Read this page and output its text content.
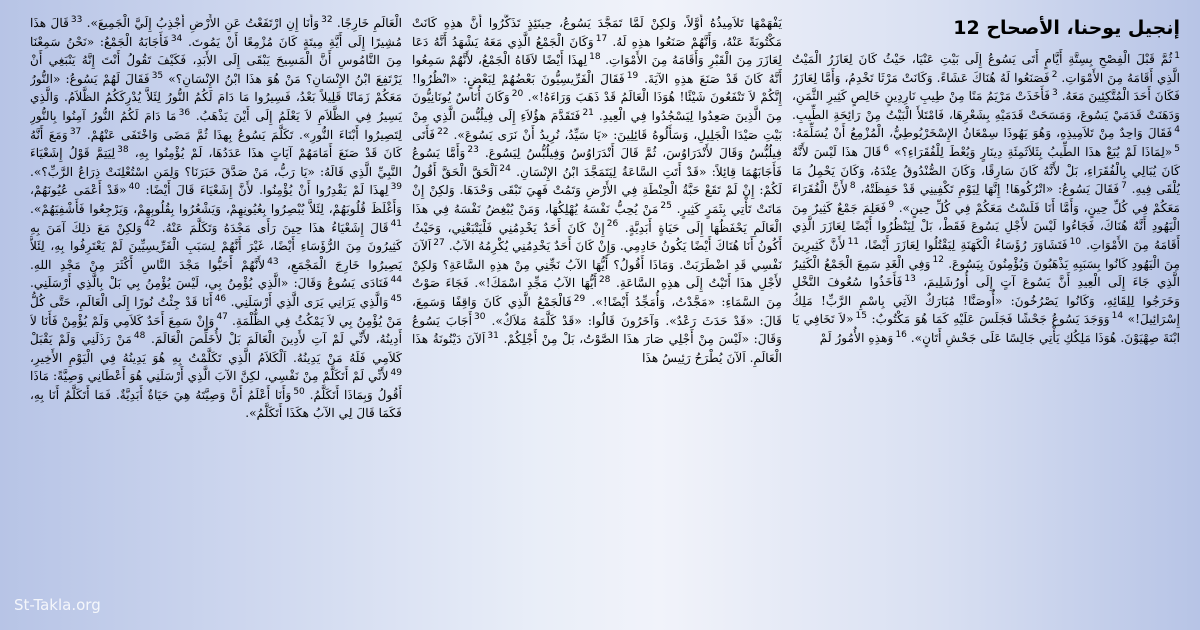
إنجيل يوحنا، الأصحاح 12
$^1$ثُمَّ قَبْلَ الْفِصْحِ بِسِتَّةِ أَيَّامٍ أَتَى يَسُوعُ إِلَى بَيْتِ عَنْيَا، حَيْثُ كَانَ لِعَازَرُ الْمَيْتُ الَّذِي أَقَامَهُ مِنَ الأَمْوَاتِ. $^2$فَصَنَعُوا لَهُ هُنَاكَ عَشَاءً. وَكَانَتْ مَرْثَا تَخْدِمُ، وَأَمَّا لِعَازَرُ فَكَانَ أَحَدَ الْمُتَّكِئِينَ مَعَهُ. $^3$فَأَخَذَتْ مَرْيَمُ مَنًا مِنْ طِيبِ نَارِدِينٍ خَالِصٍ كَثِيرِ الثَّمَنِ، وَدَهَنَتْ قَدَمَيْ يَسُوعَ، وَمَسَحَتْ قَدَمَيْهِ بِشَعْرِهَا، فَامْتَلأَ الْبَيْتُ مِنْ رَائِحَةِ الطِّيبِ. $^4$فَقَالَ وَاحِدٌ مِنْ تَلاَمِيذِهِ، وَهُوَ يَهُوذَا سِمْعَانُ الإِسْخَرْيُوطِيُّ، الْمُزْمِعُ أَنْ يُسَلِّمَهُ: $^5$«لِمَاذَا لَمْ يُبَعْ هذَا الطِّيبُ بِثَلاَثَمِئَةِ دِينَارٍ وَيُعْطَ لِلْفُقَرَاءِ؟» $^6$قَالَ هذَا لَيْسَ لأَنَّهُ كَانَ يُبَالِي بِالْفُقَرَاءِ، بَلْ لأَنَّهُ كَانَ سَارِقًا، وَكَانَ الصُّنْدُوقُ عِنْدَهُ، وَكَانَ يَحْمِلُ مَا يُلْقَى فِيهِ. $^7$فَقَالَ يَسُوعُ: «اتْرُكُوهَا! إِنَّهَا لِيَوْمِ تَكْفِينِي قَدْ حَفِظَتْهُ، $^8$لأَنَّ الْفُقَرَاءَ مَعَكُمْ فِي كُلِّ حِينٍ، وَأَمَّا أَنَا فَلَسْتُ مَعَكُمْ فِي كُلِّ حِينٍ». $^9$فَعَلِمَ جَمْعٌ كَثِيرٌ مِنَ الْيَهُودِ أَنَّهُ هُنَاكَ، فَجَاءُوا لَيْسَ لأَجْلِ يَسُوعَ فَقَطْ، بَلْ لِيَنْظُرُوا أَيْضًا لِعَازَرَ الَّذِي أَقَامَهُ مِنَ الأَمْوَاتِ. $^{10}$فَتَشَاوَرَ رُؤَسَاءُ الْكَهَنَةِ لِيَقْتُلُوا لِعَازَرَ أَيْضًا، $^{11}$لأَنَّ كَثِيرِينَ مِنَ الْيَهُودِ كَانُوا بِسَبَبِهِ يَذْهَبُونَ وَيُؤْمِنُونَ بِيَسُوعَ. $^{12}$وَفِي الْغَدِ سَمِعَ الْجَمْعُ الْكَثِيرُ الَّذِي جَاءَ إِلَى الْعِيدِ أَنَّ يَسُوعَ آتٍ إِلَى أُورُشَلِيمَ، $^{13}$فَأَخَذُوا سُعُوفَ النَّخْلِ وَخَرَجُوا لِلِقَائِهِ، وَكَانُوا يَصْرُخُونَ: «أُوصَنَّا! مُبَارَكٌ الآتِي بِاسْمِ الرَّبِّ! مَلِكُ إِسْرَائِيلَ!» $^{14}$وَوَجَدَ يَسُوعُ جَحْشًا فَجَلَسَ عَلَيْهِ كَمَا هُوَ مَكْتُوبٌ: $^{15}$«لاَ تَخَافِي يَا ابْنَةَ صِهْيَوْنَ. هُوَذَا مَلِكُكِ يَأْتِي جَالِسًا عَلَى جَحْشِ أَتَانٍ». $^{16}$وَهذِهِ الأُمُورُ لَمْ
يَفْهَمْهَا تَلاَمِيذُهُ أَوَّلاً، وَلكِنْ لَمَّا تَمَجَّدَ يَسُوعُ، حِينَئِذٍ تَذَكَّرُوا أَنَّ هذِهِ كَانَتْ مَكْتُوبَةً عَنْهُ، وَأَنَّهُمْ صَنَعُوا هذِهِ لَهُ. $^{17}$وَكَانَ الْجَمْعُ الَّذِي مَعَهُ يَشْهَدُ أَنَّهُ دَعَا لِعَازَرَ مِنَ الْقَبْرِ وَأَقَامَهُ مِنَ الأَمْوَاتِ. $^{18}$لِهذَا أَيْضًا لاَقَاهُ الْجَمْعُ، لأَنَّهُمْ سَمِعُوا أَنَّهُ كَانَ قَدْ صَنَعَ هذِهِ الآيَةَ. $^{19}$فَقَالَ الْفَرِّيسِيُّونَ بَعْضُهُمْ لِبَعْضٍ: «انْظُرُوا! إِنَّكُمْ لاَ تَنْفَعُونَ شَيْئًا! هُوَذَا الْعَالَمُ قَدْ ذَهَبَ وَرَاءَهُ!». $^{20}$وَكَانَ أُنَاسٌ يُونَانِيُّونَ مِنَ الَّذِينَ صَعِدُوا لِيَسْجُدُوا فِي الْعِيدِ. $^{21}$فَتَقَدَّمَ هؤُلاَءِ إِلَى فِيلُبُّسَ الَّذِي مِنْ بَيْتِ صَيْدَا الْجَلِيلِ، وَسَأَلُوهُ قَائِلِينَ: «يَا سَيِّدُ، نُرِيدُ أَنْ نَرَى يَسُوعَ». $^{22}$فَأَتَى فِيلُبُّسُ وَقَالَ لأَنْدَرَاوُسَ، ثُمَّ قَالَ أَنْدَرَاوُسُ وَفِيلُبُّسُ لِيَسُوعَ. $^{23}$وَأَمَّا يَسُوعُ فَأَجَابَهُمَا قِائِلاً: «قَدْ أَتَتِ السَّاعَةُ لِيَتَمَجَّدَ ابْنُ الإِنْسَانِ. $^{24}$اَلْحَقَّ الْحَقَّ أَقُولُ لَكُمْ: إِنْ لَمْ تَقَعْ حَبَّةُ الْحِنْطَةِ فِي الأَرْضِ وَتَمُتْ فَهِيَ تَبْقَى وَحْدَهَا. وَلكِنْ إِنْ مَاتَتْ تَأْتِي بِثَمَرٍ كَثِيرٍ. $^{25}$مَنْ يُحِبُّ نَفْسَهُ يُهْلِكُهَا، وَمَنْ يُبْغِضُ نَفْسَهُ فِي هذَا الْعَالَمِ يَحْفَظُهَا إِلَى حَيَاةٍ أَبَدِيَّةٍ. $^{26}$إِنْ كَانَ أَحَدٌ يَخْدِمُنِي فَلْيَتْبَعْنِي، وَحَيْثُ أَكُونُ أَنَا هُنَاكَ أَيْضًا يَكُونُ خَادِمِي. وَإِنْ كَانَ أَحَدٌ يَخْدِمُنِي يُكْرِمُهُ الآبُ. $^{27}$اَلآنَ نَفْسِي قَدِ اضْطَرَبَتْ. وَمَاذَا أَقُولُ؟ أَيُّهَا الآبُ نَجِّنِي مِنْ هذِهِ السَّاعَةِ؟ وَلكِنْ لأَجْلِ هذَا أَتَيْتُ إِلَى هذِهِ السَّاعَةِ. $^{28}$أَيُّهَا الآبُ مَجِّدِ اسْمَكَ!». فَجَاءَ صَوْتٌ مِنَ السَّمَاءِ: «مَجَّدْتُ، وَأُمَجِّدُ أَيْضًا!». $^{29}$فَالْجَمْعُ الَّذِي كَانَ وَاقِفًا وَسَمِعَ، قَالَ: «قَدْ حَدَثَ رَعْدٌ». وَآخَرُونَ قَالُوا: «قَدْ كَلَّمَهُ مَلاَكٌ». $^{30}$أَجَابَ يَسُوعُ وَقَالَ: «لَيْسَ مِنْ أَجْلِي صَارَ هذَا الصَّوْتُ، بَلْ مِنْ أَجْلِكُمْ. $^{31}$اَلآنَ دَيْنُونَةُ هذَا الْعَالَمِ. اَلآنَ يُطْرَحُ رَئِيسُ هذَا
الْعَالَمِ خَارِجًا. $^{32}$وَأَنَا إِنِ ارْتَفَعْتُ عَنِ الأَرْضِ أَجْذِبُ إِلَيَّ الْجَمِيعَ». $^{33}$قَالَ هذَا مُشِيرًا إِلَى أَيَّةِ مِيتَةٍ كَانَ مُزْمِعًا أَنْ يَمُوتَ. $^{34}$فَأَجَابَهُ الْجَمْعُ: «نَحْنُ سَمِعْنَا مِنَ النَّامُوسِ أَنَّ الْمَسِيحَ يَبْقَى إِلَى الأَبَدِ، فَكَيْفَ تَقُولُ أَنْتَ إِنَّهُ يَنْبَغِي أَنْ يَرْتَفِعَ ابْنُ الإِنْسَانِ؟ مَنْ هُوَ هذَا ابْنُ الإِنْسَانِ؟» $^{35}$فَقَالَ لَهُمْ يَسُوعُ: «النُّورُ مَعَكُمْ زَمَانًا قَلِيلاً بَعْدُ، فَسِيرُوا مَا دَامَ لَكُمُ النُّورُ لِئَلاَّ يُدْرِكَكُمُ الظَّلاَمُ. وَالَّذِي يَسِيرُ فِي الظَّلاَمِ لاَ يَعْلَمُ إِلَى أَيْنَ يَذْهَبُ. $^{36}$مَا دَامَ لَكُمُ النُّورُ آمِنُوا بِالنُّورِ لِتَصِيرُوا أَبْنَاءَ النُّورِ». تَكَلَّمَ يَسُوعُ بِهذَا ثُمَّ مَضَى وَاخْتَفَى عَنْهُمْ. $^{37}$وَمَعَ أَنَّهُ كَانَ قَدْ صَنَعَ أَمَامَهُمْ آيَاتٍ هذَا عَدَدُهَا، لَمْ يُؤْمِنُوا بِهِ، $^{38}$لِيَتِمَّ قَوْلُ إِشَعْيَاءَ النَّبِيِّ الَّذِي قَالَهُ: «يَا رَبُّ، مَنْ صَدَّقَ خَبَرَنَا؟ وَلِمَنِ اسْتُعْلِنَتْ ذِرَاعُ الرَّبِّ؟». $^{39}$لِهذَا لَمْ يَقْدِرُوا أَنْ يُؤْمِنُوا. لأَنَّ إِشَعْيَاءَ قَالَ أَيْضًا: $^{40}$«قَدْ أَعْمَى عُيُونَهُمْ، وَأَغْلَظَ قُلُوبَهُمْ، لِئَلاَّ يُبْصِرُوا بِعُيُونِهِمْ، وَيَشْعُرُوا بِقُلُوبِهِمْ، وَيَرْجِعُوا فَأَشْفِيَهُمْ». $^{41}$قَالَ إِشَعْيَاءُ هذَا حِينَ رَأَى مَجْدَهُ وَتَكَلَّمَ عَنْهُ. $^{42}$وَلكِنْ مَعَ ذلِكَ آمَنَ بِهِ كَثِيرُونَ مِنَ الرُّؤَسَاءِ أَيْضًا، غَيْرَ أَنَّهُمْ لِسَبَبِ الْفَرِّيسِيِّينَ لَمْ يَعْتَرِفُوا بِهِ، لِئَلاَّ يَصِيرُوا خَارِجَ الْمَجْمَعِ، $^{43}$لأَنَّهُمْ أَحَبُّوا مَجْدَ النَّاسِ أَكْثَرَ مِنْ مَجْدِ اللهِ. $^{44}$فَنَادَى يَسُوعُ وَقَالَ: «الَّذِي يُؤْمِنُ بِي، لَيْسَ يُؤْمِنُ بِي بَلْ بِالَّذِي أَرْسَلَنِي. $^{45}$وَالَّذِي يَرَانِي يَرَى الَّذِي أَرْسَلَنِي. $^{46}$أَنَا قَدْ جِئْتُ نُورًا إِلَى الْعَالَمِ، حَتَّى كُلُّ مَنْ يُؤْمِنُ بِي لاَ يَمْكُثُ فِي الظُّلْمَةِ. $^{47}$وَإِنْ سَمِعَ أَحَدٌ كَلاَمِي وَلَمْ يُؤْمِنْ فَأَنَا لاَ أَدِينُهُ، لأَنِّي لَمْ آتِ لأَدِينَ الْعَالَمَ بَلْ لأُخَلِّصَ الْعَالَمَ. $^{48}$مَنْ رَذَلَنِي وَلَمْ يَقْبَلْ كَلاَمِي فَلَهُ مَنْ يَدِينُهُ. اَلْكَلاَمُ الَّذِي تَكَلَّمْتُ بِهِ هُوَ يَدِينُهُ فِي الْيَوْمِ الأَخِيرِ، $^{49}$لأَنِّي لَمْ أَتَكَلَّمْ مِنْ نَفْسِي، لكِنَّ الآبَ الَّذِي أَرْسَلَنِي هُوَ أَعْطَانِي وَصِيَّةً: مَاذَا أَقُولُ وَبِمَاذَا أَتَكَلَّمُ. $^{50}$وَأَنَا أَعْلَمُ أَنَّ وَصِيَّتَهُ هِيَ حَيَاةٌ أَبَدِيَّةٌ. فَمَا أَتَكَلَّمُ أَنَا بِهِ، فَكَمَا قَالَ لِي الآبُ هكَذَا أَتَكَلَّمُ».
St-Takla.org
